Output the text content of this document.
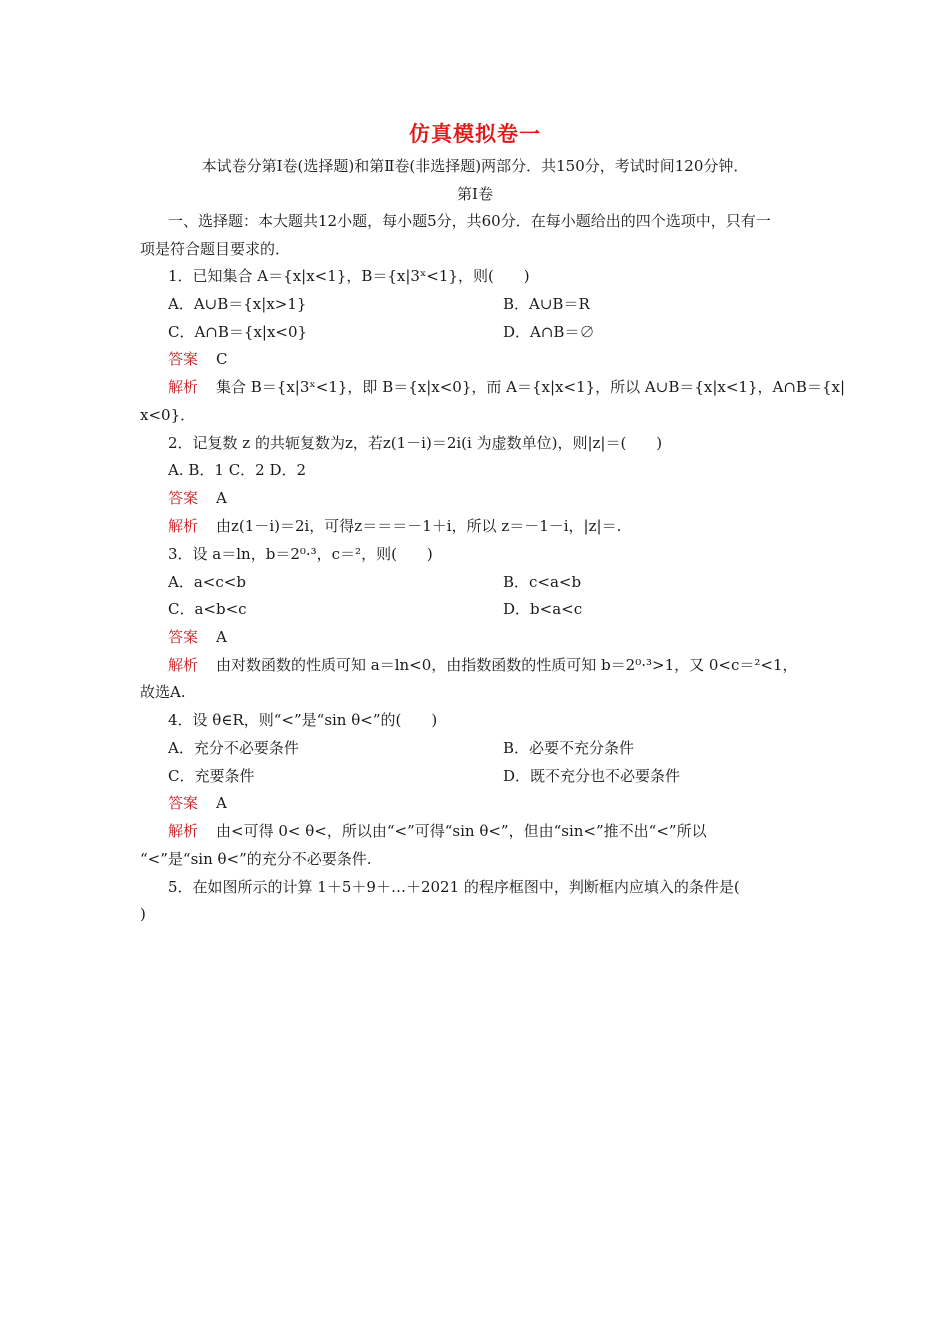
仿真模拟卷一
本试卷分第Ⅰ卷(选择题)和第Ⅱ卷(非选择题)两部分．共150分，考试时间120分钟．
第Ⅰ卷
一、选择题：本大题共12小题，每小题5分，共60分．在每小题给出的四个选项中，只有一
项是符合题目要求的．
1．已知集合 A＝{x|x<1}，B＝{x|3ˣ<1}，则(　　)
A．A∪B＝{x|x>1}	B．A∪B＝R
C．A∩B＝{x|x<0}	D．A∩B＝∅
答案 C
解析 集合 B＝{x|3ˣ<1}，即 B＝{x|x<0}，而 A＝{x|x<1}，所以 A∪B＝{x|x<1}，A∩B＝{x|
x<0}．
2．记复数 z 的共轭复数为z，若z(1－i)＝2i(i 为虚数单位)，则|z|＝(　　)
A. B．1 C．2 D．2
答案 A
解析 由z(1－i)＝2i，可得z＝＝＝－1＋i，所以 z＝－1－i，|z|＝.
3．设 a＝ln，b＝2⁰·³，c＝²，则(　　)
A．a<c<b	B．c<a<b
C．a<b<c	D．b<a<c
答案 A
解析 由对数函数的性质可知 a＝ln<0，由指数函数的性质可知 b＝2⁰·³>1，又 0<c＝²<1，
故选A.
4．设 θ∈R，则“<”是“sin θ<”的(　　)
A．充分不必要条件	B．必要不充分条件
C．充要条件	D．既不充分也不必要条件
答案 A
解析 由<可得 0< θ<，所以由“<”可得“sin θ<”，但由“sin<”推不出“<”所以
“<”是“sin θ<”的充分不必要条件.
5．在如图所示的计算 1＋5＋9＋…＋2021 的程序框图中，判断框内应填入的条件是(
)
